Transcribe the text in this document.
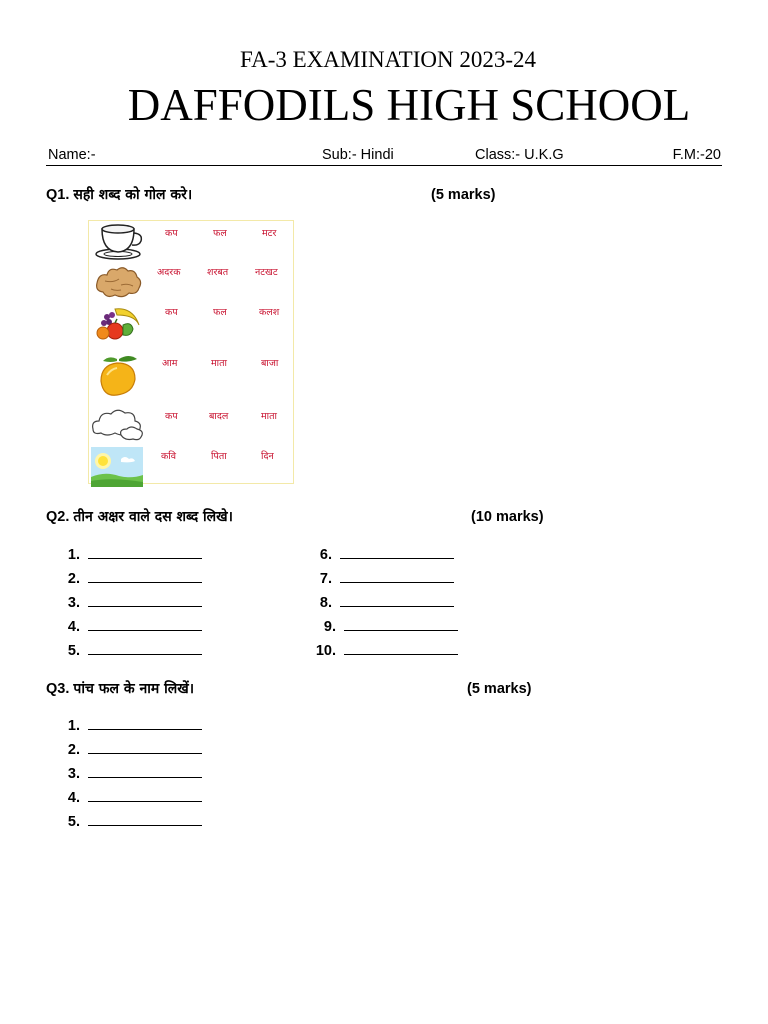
FA-3 EXAMINATION 2023-24
DAFFODILS HIGH SCHOOL
Name:-	Sub:- Hindi	Class:- U.K.G	F.M:-20
Q1. सही शब्द को गोल करे।	(5 marks)
कप	फल	मटर
अदरक	शरबत	नटखट
कप	फल	कलश
आम	माता	बाजा
कप	बादल	माता
कवि	पिता	दिन
Q2. तीन अक्षर वाले दस शब्द लिखे।	(10 marks)
1.
2.
3.
4.
5.
6.
7.
8.
9.
10.
Q3. पांच फल के नाम लिखें।	(5 marks)
1.
2.
3.
4.
5.
